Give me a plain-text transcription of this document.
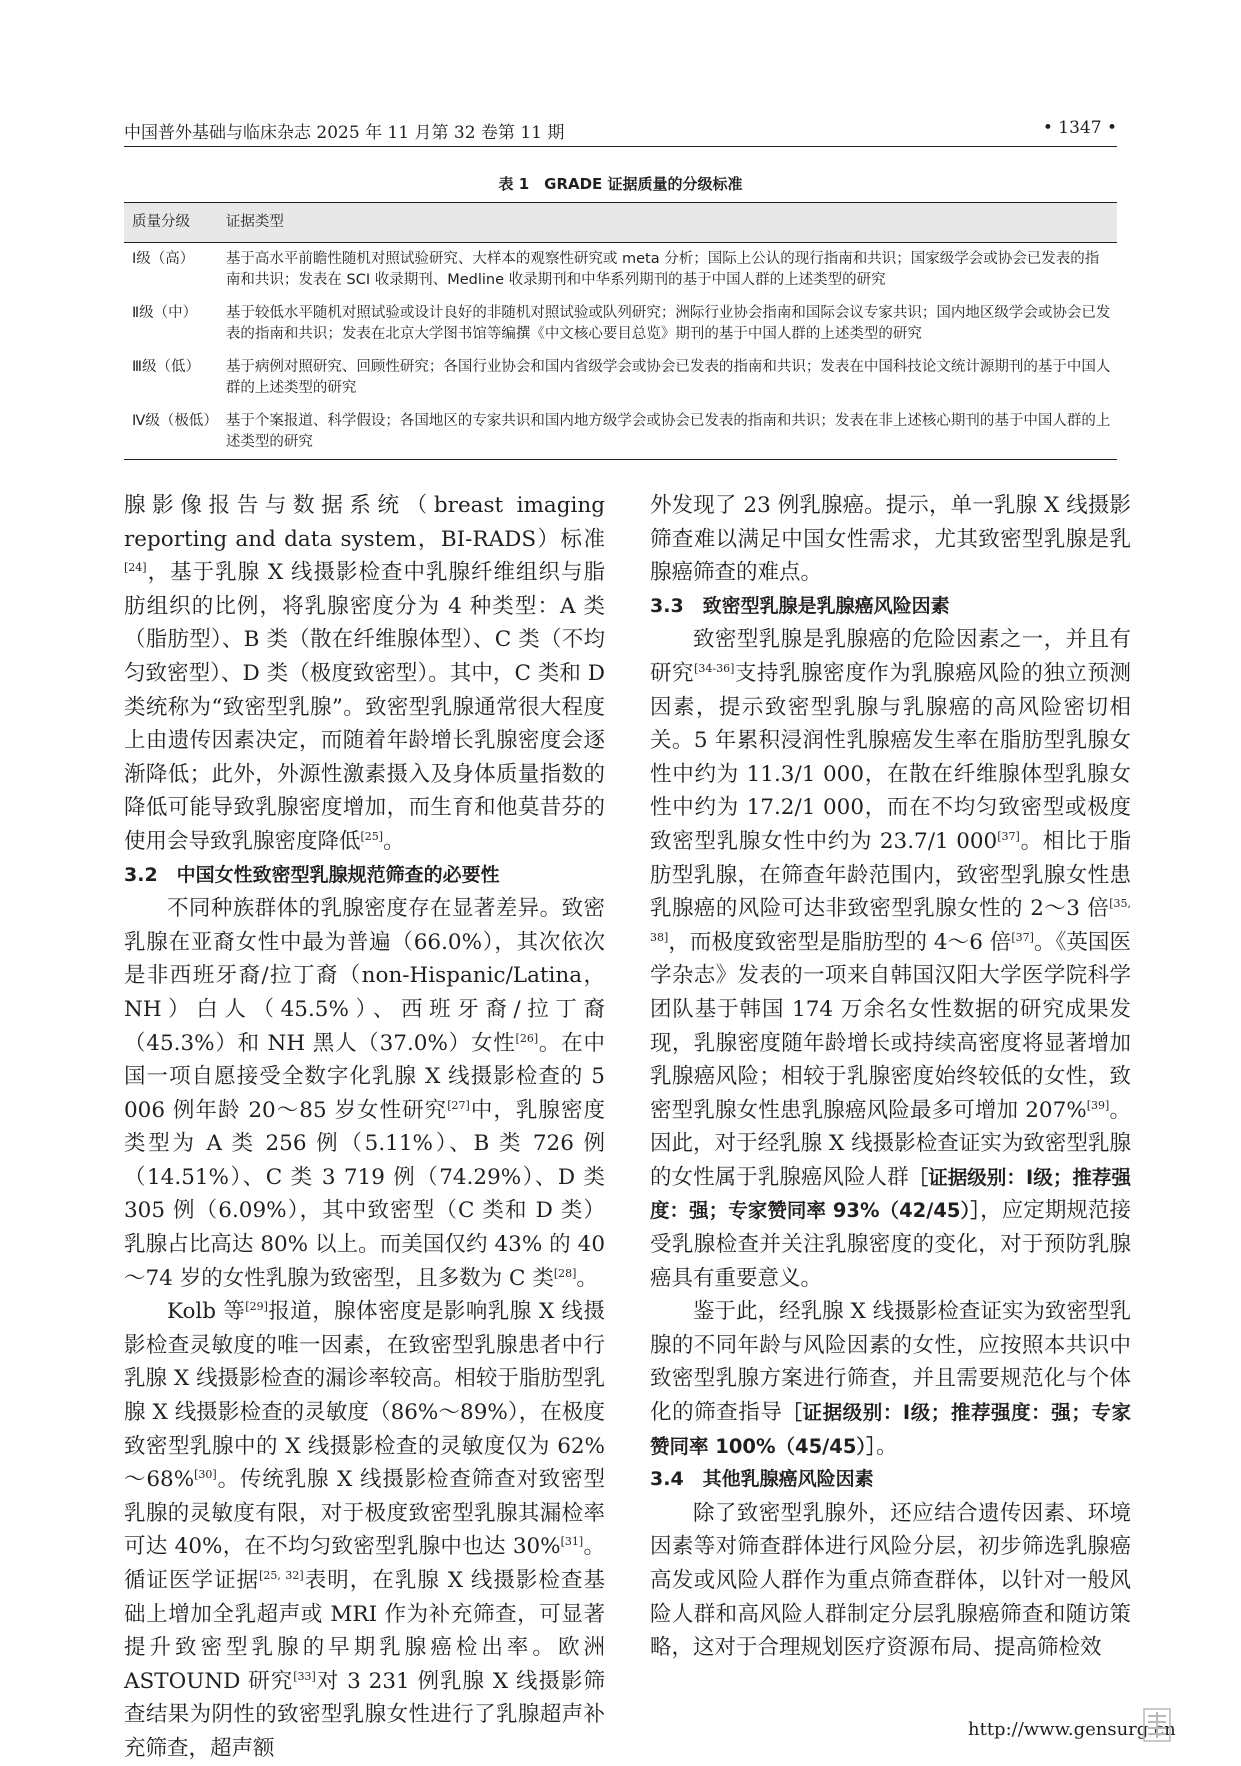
中国普外基础与临床杂志 2025 年 11 月第 32 卷第 11 期	• 1347 •
表 1　GRADE 证据质量的分级标准
质量分级	证据类型
Ⅰ级（高）	基于高水平前瞻性随机对照试验研究、大样本的观察性研究或 meta 分析；国际上公认的现行指南和共识；国家级学会或协会已发表的指南和共识；发表在 SCI 收录期刊、Medline 收录期刊和中华系列期刊的基于中国人群的上述类型的研究
Ⅱ级（中）	基于较低水平随机对照试验或设计良好的非随机对照试验或队列研究；洲际行业协会指南和国际会议专家共识；国内地区级学会或协会已发表的指南和共识；发表在北京大学图书馆等编撰《中文核心要目总览》期刊的基于中国人群的上述类型的研究
Ⅲ级（低）	基于病例对照研究、回顾性研究；各国行业协会和国内省级学会或协会已发表的指南和共识；发表在中国科技论文统计源期刊的基于中国人群的上述类型的研究
Ⅳ级（极低）	基于个案报道、科学假设；各国地区的专家共识和国内地方级学会或协会已发表的指南和共识；发表在非上述核心期刊的基于中国人群的上述类型的研究

腺影像报告与数据系统（breast imaging reporting and data system，BI-RADS）标准[24]，基于乳腺 X 线摄影检查中乳腺纤维组织与脂肪组织的比例，将乳腺密度分为 4 种类型：A 类（脂肪型）、B 类（散在纤维腺体型）、C 类（不均匀致密型）、D 类（极度致密型）。其中，C 类和 D 类统称为“致密型乳腺”。致密型乳腺通常很大程度上由遗传因素决定，而随着年龄增长乳腺密度会逐渐降低；此外，外源性激素摄入及身体质量指数的降低可能导致乳腺密度增加，而生育和他莫昔芬的使用会导致乳腺密度降低[25]。

3.2　中国女性致密型乳腺规范筛查的必要性

不同种族群体的乳腺密度存在显著差异。致密乳腺在亚裔女性中最为普遍（66.0%），其次依次是非西班牙裔/拉丁裔（non-Hispanic/Latina，NH）白人（45.5%）、西班牙裔/拉丁裔（45.3%）和 NH 黑人（37.0%）女性[26]。在中国一项自愿接受全数字化乳腺 X 线摄影检查的 5 006 例年龄 20～85 岁女性研究[27]中，乳腺密度类型为 A 类 256 例（5.11%）、B 类 726 例（14.51%）、C 类 3 719 例（74.29%）、D 类 305 例（6.09%），其中致密型（C 类和 D 类）乳腺占比高达 80% 以上。而美国仅约 43% 的 40～74 岁的女性乳腺为致密型，且多数为 C 类[28]。

Kolb 等[29]报道，腺体密度是影响乳腺 X 线摄影检查灵敏度的唯一因素，在致密型乳腺患者中行乳腺 X 线摄影检查的漏诊率较高。相较于脂肪型乳腺 X 线摄影检查的灵敏度（86%～89%），在极度致密型乳腺中的 X 线摄影检查的灵敏度仅为 62%～68%[30]。传统乳腺 X 线摄影检查筛查对致密型乳腺的灵敏度有限，对于极度致密型乳腺其漏检率可达 40%，在不均匀致密型乳腺中也达 30%[31]。循证医学证据[25, 32]表明，在乳腺 X 线摄影检查基础上增加全乳超声或 MRI 作为补充筛查，可显著提升致密型乳腺的早期乳腺癌检出率。欧洲 ASTOUND 研究[33]对 3 231 例乳腺 X 线摄影筛查结果为阴性的致密型乳腺女性进行了乳腺超声补充筛查，超声额

外发现了 23 例乳腺癌。提示，单一乳腺 X 线摄影筛查难以满足中国女性需求，尤其致密型乳腺是乳腺癌筛查的难点。

3.3　致密型乳腺是乳腺癌风险因素

致密型乳腺是乳腺癌的危险因素之一，并且有研究[34-36]支持乳腺密度作为乳腺癌风险的独立预测因素，提示致密型乳腺与乳腺癌的高风险密切相关。5 年累积浸润性乳腺癌发生率在脂肪型乳腺女性中约为 11.3/1 000，在散在纤维腺体型乳腺女性中约为 17.2/1 000，而在不均匀致密型或极度致密型乳腺女性中约为 23.7/1 000[37]。相比于脂肪型乳腺，在筛查年龄范围内，致密型乳腺女性患乳腺癌的风险可达非致密型乳腺女性的 2～3 倍[35, 38]，而极度致密型是脂肪型的 4～6 倍[37]。《英国医学杂志》发表的一项来自韩国汉阳大学医学院科学团队基于韩国 174 万余名女性数据的研究成果发现，乳腺密度随年龄增长或持续高密度将显著增加乳腺癌风险；相较于乳腺密度始终较低的女性，致密型乳腺女性患乳腺癌风险最多可增加 207%[39]。因此，对于经乳腺 X 线摄影检查证实为致密型乳腺的女性属于乳腺癌风险人群［证据级别：Ⅰ级；推荐强度：强；专家赞同率 93%（42/45）］，应定期规范接受乳腺检查并关注乳腺密度的变化，对于预防乳腺癌具有重要意义。

鉴于此，经乳腺 X 线摄影检查证实为致密型乳腺的不同年龄与风险因素的女性，应按照本共识中致密型乳腺方案进行筛查，并且需要规范化与个体化的筛查指导［证据级别：Ⅰ级；推荐强度：强；专家赞同率 100%（45/45）］。

3.4　其他乳腺癌风险因素

除了致密型乳腺外，还应结合遗传因素、环境因素等对筛查群体进行风险分层，初步筛选乳腺癌高发或风险人群作为重点筛查群体，以针对一般风险人群和高风险人群制定分层乳腺癌筛查和随访策略，这对于合理规划医疗资源布局、提高筛检效

http://www.gensurg.cn
